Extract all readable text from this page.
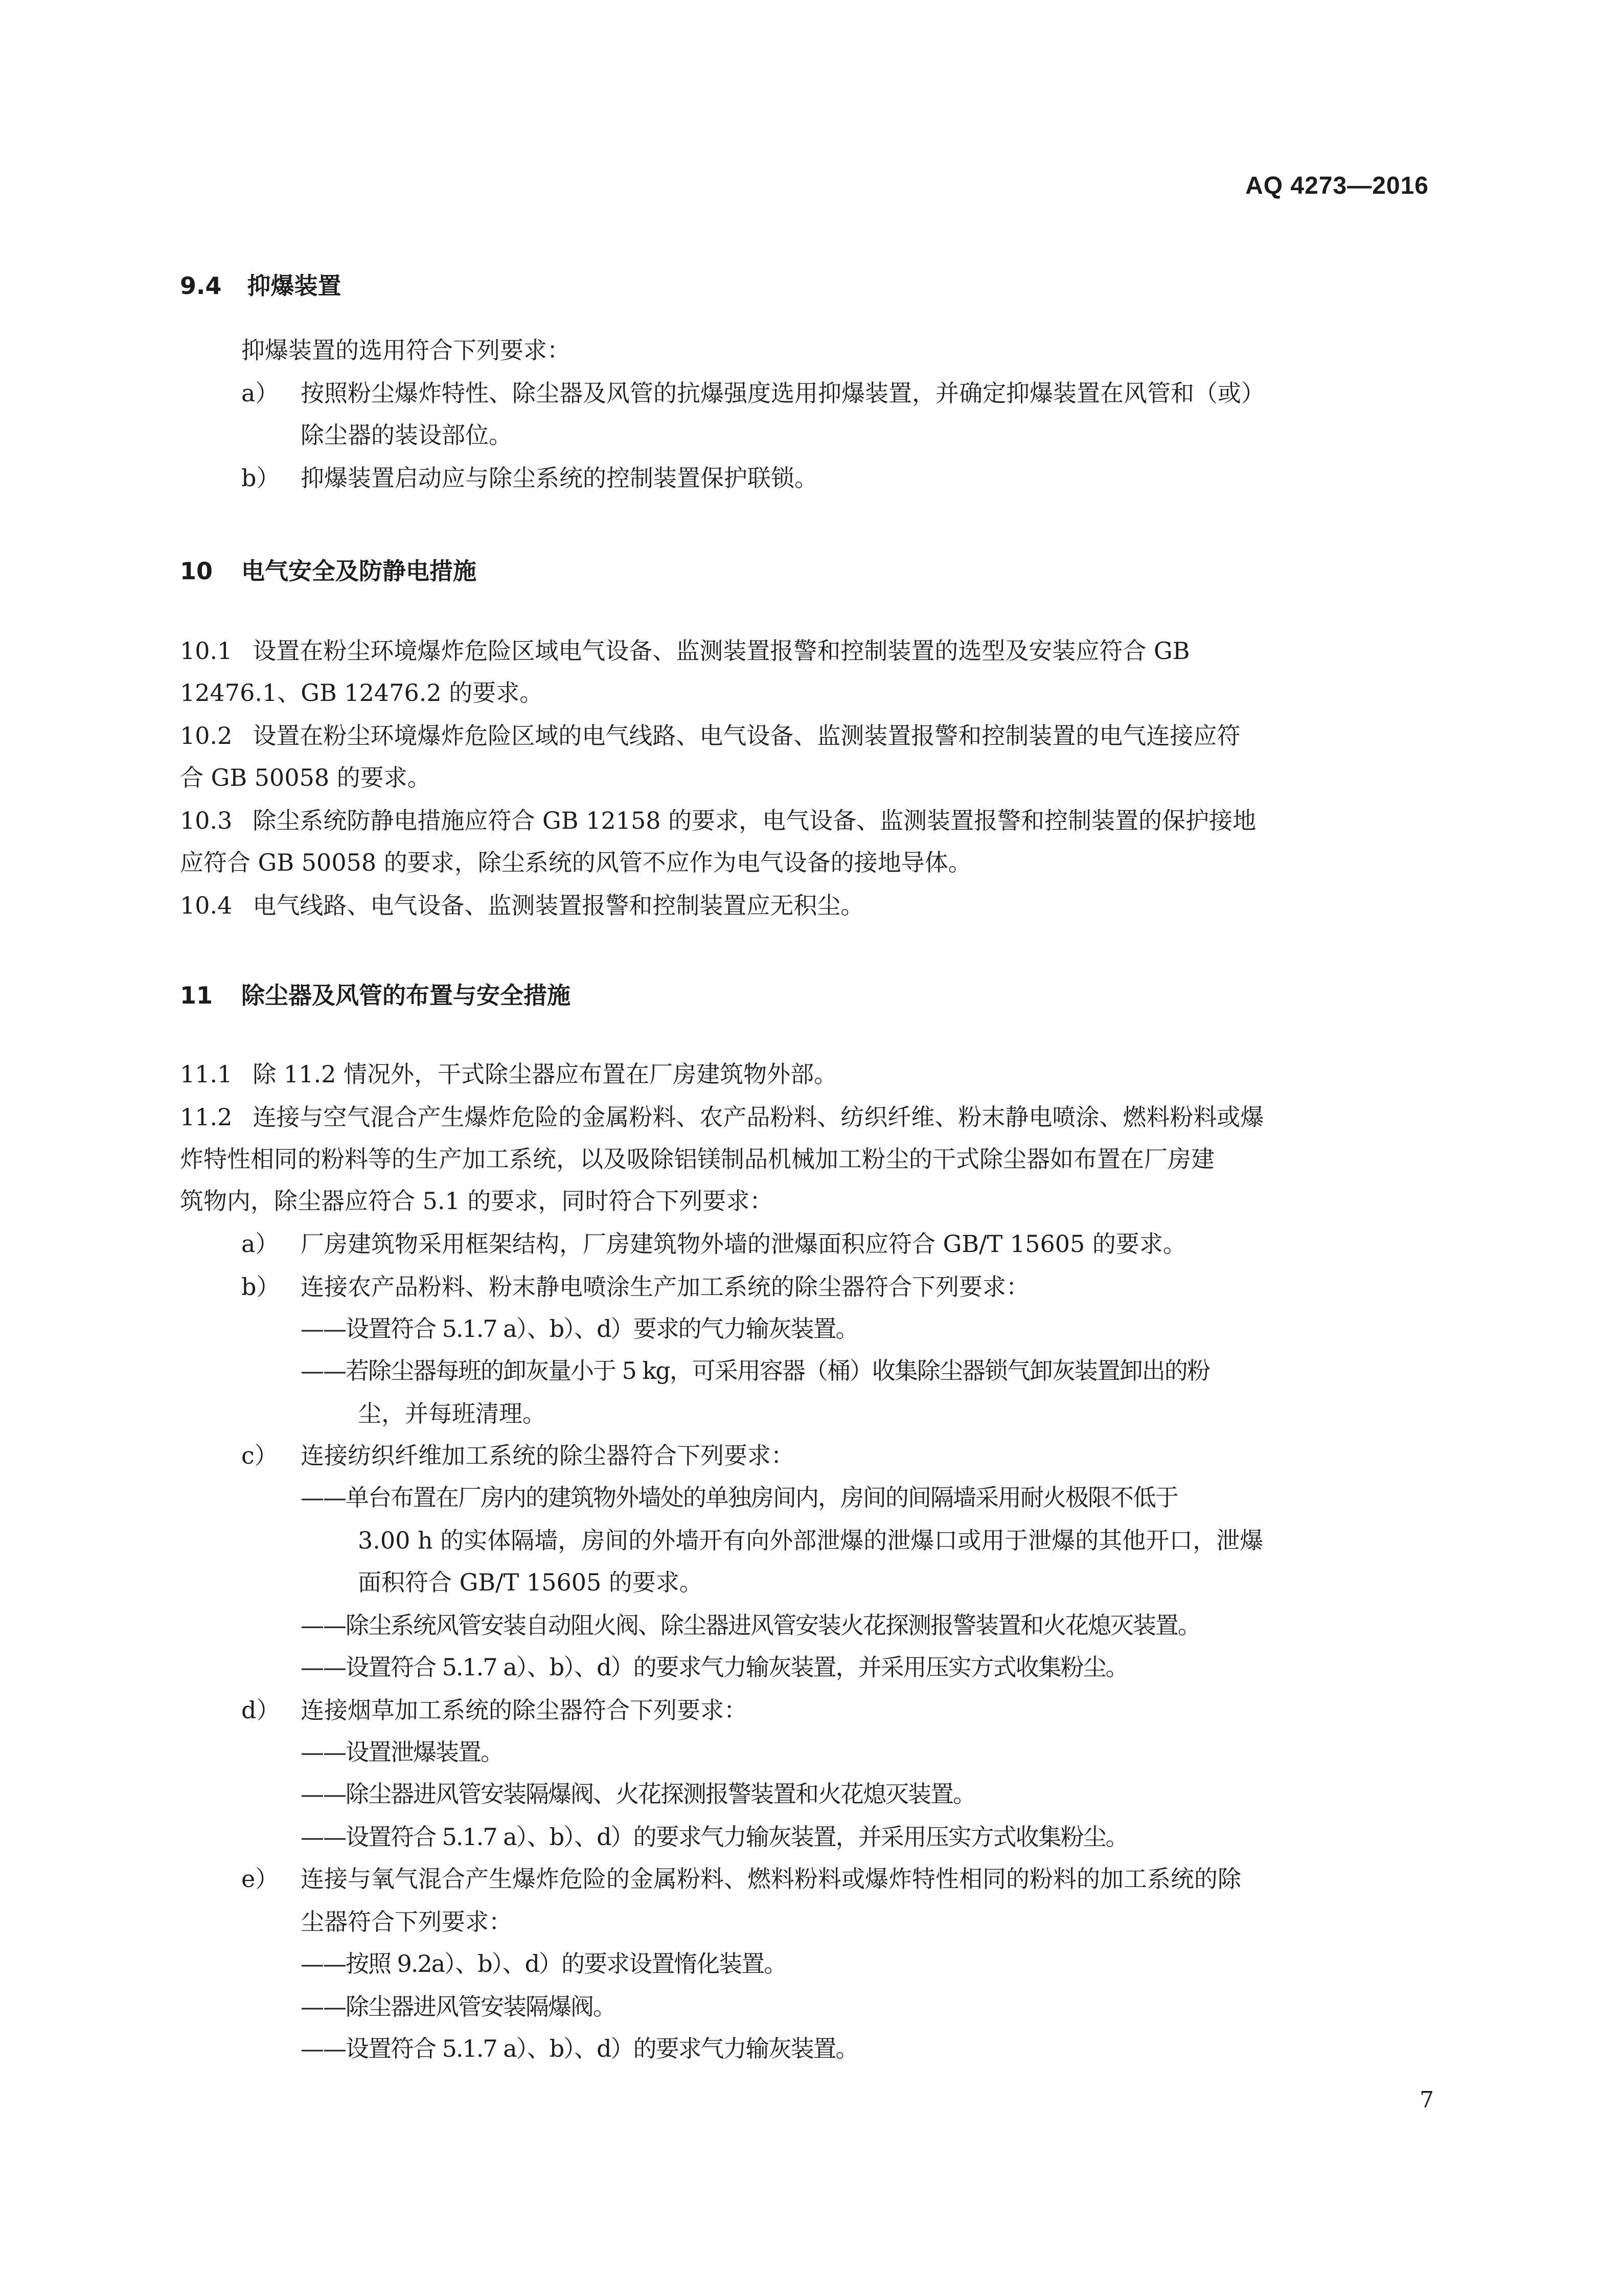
AQ 4273—2016
9.4 抑爆装置
抑爆装置的选用符合下列要求：
a） 按照粉尘爆炸特性、除尘器及风管的抗爆强度选用抑爆装置，并确定抑爆装置在风管和（或）
除尘器的装设部位。
b） 抑爆装置启动应与除尘系统的控制装置保护联锁。
10 电气安全及防静电措施
10.1 设置在粉尘环境爆炸危险区域电气设备、监测装置报警和控制装置的选型及安装应符合 GB
12476.1、GB 12476.2 的要求。
10.2 设置在粉尘环境爆炸危险区域的电气线路、电气设备、监测装置报警和控制装置的电气连接应符
合 GB 50058 的要求。
10.3 除尘系统防静电措施应符合 GB 12158 的要求，电气设备、监测装置报警和控制装置的保护接地
应符合 GB 50058 的要求，除尘系统的风管不应作为电气设备的接地导体。
10.4 电气线路、电气设备、监测装置报警和控制装置应无积尘。
11 除尘器及风管的布置与安全措施
11.1 除 11.2 情况外，干式除尘器应布置在厂房建筑物外部。
11.2 连接与空气混合产生爆炸危险的金属粉料、农产品粉料、纺织纤维、粉末静电喷涂、燃料粉料或爆
炸特性相同的粉料等的生产加工系统，以及吸除铝镁制品机械加工粉尘的干式除尘器如布置在厂房建
筑物内，除尘器应符合 5.1 的要求，同时符合下列要求：
a） 厂房建筑物采用框架结构，厂房建筑物外墙的泄爆面积应符合 GB/T 15605 的要求。
b） 连接农产品粉料、粉末静电喷涂生产加工系统的除尘器符合下列要求：
——设置符合 5.1.7 a）、b）、d）要求的气力输灰装置。
——若除尘器每班的卸灰量小于 5 kg，可采用容器（桶）收集除尘器锁气卸灰装置卸出的粉
尘，并每班清理。
c） 连接纺织纤维加工系统的除尘器符合下列要求：
——单台布置在厂房内的建筑物外墙处的单独房间内，房间的间隔墙采用耐火极限不低于
3.00 h 的实体隔墙，房间的外墙开有向外部泄爆的泄爆口或用于泄爆的其他开口，泄爆
面积符合 GB/T 15605 的要求。
——除尘系统风管安装自动阻火阀、除尘器进风管安装火花探测报警装置和火花熄灭装置。
——设置符合 5.1.7 a）、b）、d）的要求气力输灰装置，并采用压实方式收集粉尘。
d） 连接烟草加工系统的除尘器符合下列要求：
——设置泄爆装置。
——除尘器进风管安装隔爆阀、火花探测报警装置和火花熄灭装置。
——设置符合 5.1.7 a）、b）、d）的要求气力输灰装置，并采用压实方式收集粉尘。
e） 连接与氧气混合产生爆炸危险的金属粉料、燃料粉料或爆炸特性相同的粉料的加工系统的除
尘器符合下列要求：
——按照 9.2a）、b）、d）的要求设置惰化装置。
——除尘器进风管安装隔爆阀。
——设置符合 5.1.7 a）、b）、d）的要求气力输灰装置。
7
